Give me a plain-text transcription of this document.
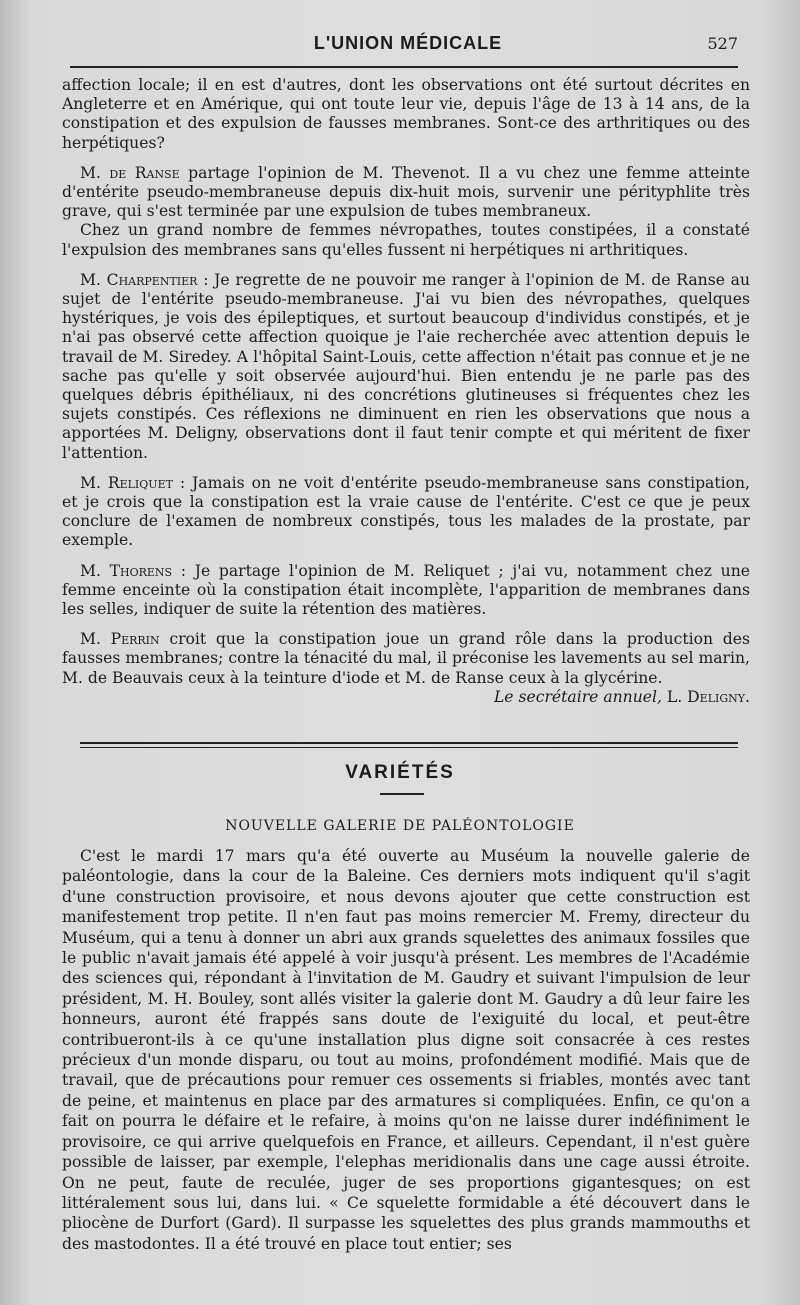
L'UNION MÉDICALE	527

affection locale; il en est d'autres, dont les observations ont été surtout décrites en Angleterre et en Amérique, qui ont toute leur vie, depuis l'âge de 13 à 14 ans, de la constipation et des expulsion de fausses membranes. Sont-ce des arthritiques ou des herpétiques?

M. de Ranse partage l'opinion de M. Thevenot. Il a vu chez une femme atteinte d'entérite pseudo-membraneuse depuis dix-huit mois, survenir une pérityphlite très grave, qui s'est terminée par une expulsion de tubes membraneux.

Chez un grand nombre de femmes névropathes, toutes constipées, il a constaté l'expulsion des membranes sans qu'elles fussent ni herpétiques ni arthritiques.

M. Charpentier : Je regrette de ne pouvoir me ranger à l'opinion de M. de Ranse au sujet de l'entérite pseudo-membraneuse. J'ai vu bien des névropathes, quelques hystériques, je vois des épileptiques, et surtout beaucoup d'individus constipés, et je n'ai pas observé cette affection quoique je l'aie recherchée avec attention depuis le travail de M. Siredey. A l'hôpital Saint-Louis, cette affection n'était pas connue et je ne sache pas qu'elle y soit observée aujourd'hui. Bien entendu je ne parle pas des quelques débris épithéliaux, ni des concrétions glutineuses si fréquentes chez les sujets constipés. Ces réflexions ne diminuent en rien les observations que nous a apportées M. Deligny, observations dont il faut tenir compte et qui méritent de fixer l'attention.

M. Reliquet : Jamais on ne voit d'entérite pseudo-membraneuse sans constipation, et je crois que la constipation est la vraie cause de l'entérite. C'est ce que je peux conclure de l'examen de nombreux constipés, tous les malades de la prostate, par exemple.

M. Thorens : Je partage l'opinion de M. Reliquet ; j'ai vu, notamment chez une femme enceinte où la constipation était incomplète, l'apparition de membranes dans les selles, indiquer de suite la rétention des matières.

M. Perrin croit que la constipation joue un grand rôle dans la production des fausses membranes; contre la ténacité du mal, il préconise les lavements au sel marin, M. de Beauvais ceux à la teinture d'iode et M. de Ranse ceux à la glycérine.

Le secrétaire annuel, L. Deligny.

VARIÉTÉS
NOUVELLE GALERIE DE PALÉONTOLOGIE

C'est le mardi 17 mars qu'a été ouverte au Muséum la nouvelle galerie de paléontologie, dans la cour de la Baleine. Ces derniers mots indiquent qu'il s'agit d'une construction provisoire, et nous devons ajouter que cette construction est manifestement trop petite. Il n'en faut pas moins remercier M. Fremy, directeur du Muséum, qui a tenu à donner un abri aux grands squelettes des animaux fossiles que le public n'avait jamais été appelé à voir jusqu'à présent. Les membres de l'Académie des sciences qui, répondant à l'invitation de M. Gaudry et suivant l'impulsion de leur président, M. H. Bouley, sont allés visiter la galerie dont M. Gaudry a dû leur faire les honneurs, auront été frappés sans doute de l'exiguité du local, et peut-être contribueront-ils à ce qu'une installation plus digne soit consacrée à ces restes précieux d'un monde disparu, ou tout au moins, profondément modifié. Mais que de travail, que de précautions pour remuer ces ossements si friables, montés avec tant de peine, et maintenus en place par des armatures si compliquées. Enfin, ce qu'on a fait on pourra le défaire et le refaire, à moins qu'on ne laisse durer indéfiniment le provisoire, ce qui arrive quelquefois en France, et ailleurs. Cependant, il n'est guère possible de laisser, par exemple, l'elephas meridionalis dans une cage aussi étroite. On ne peut, faute de reculée, juger de ses proportions gigantesques; on est littéralement sous lui, dans lui. « Ce squelette formidable a été découvert dans le pliocène de Durfort (Gard). Il surpasse les squelettes des plus grands mammouths et des mastodontes. Il a été trouvé en place tout entier; ses
